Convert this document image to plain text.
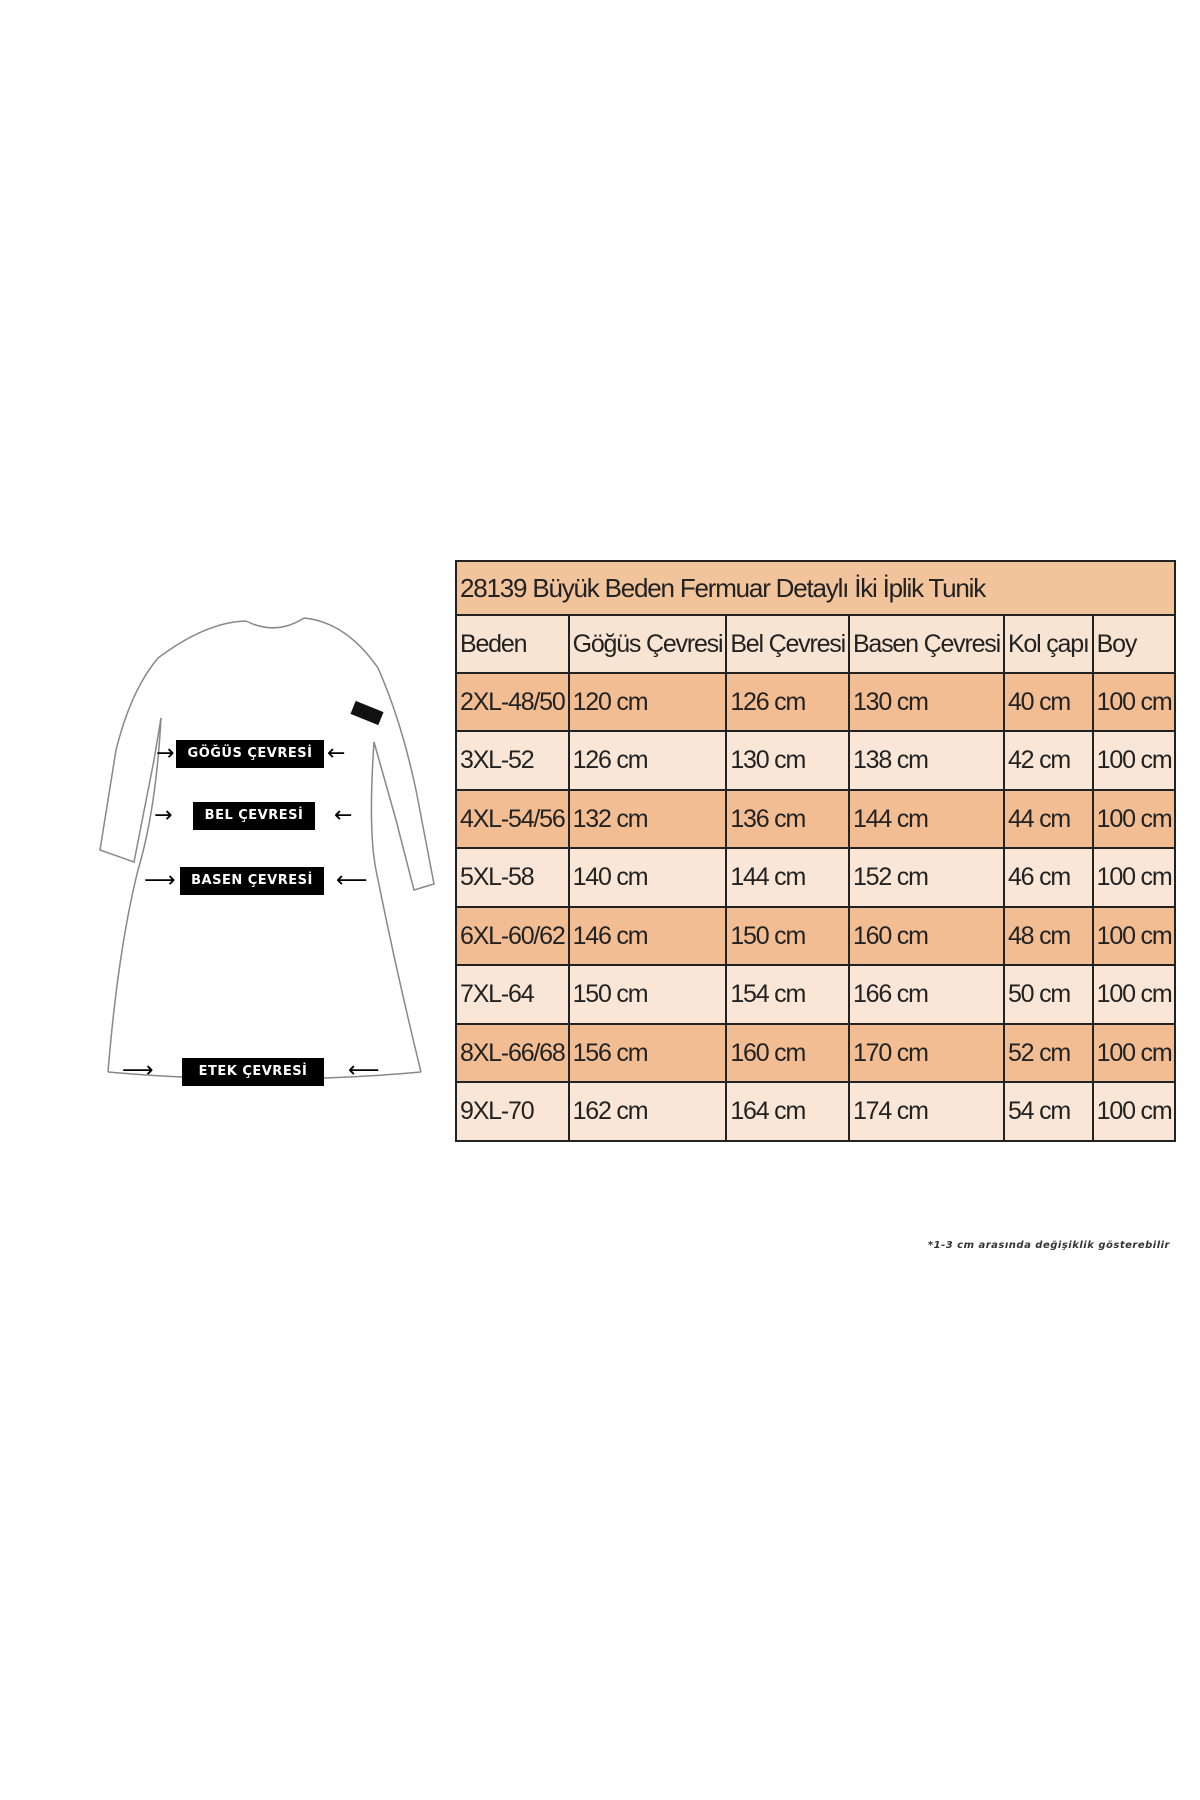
→	GÖĞÜS ÇEVRESİ ←
→	BEL ÇEVRESİ	←
⟶	BASEN ÇEVRESİ	⟵
⟶	ETEK ÇEVRESİ	⟵
28139 Büyük Beden Fermuar Detaylı İki İplik Tunik					
Beden	Göğüs Çevresi	Bel Çevresi	Basen Çevresi	Kol çapı	Boy
2XL-48/50	120 cm	126 cm	130 cm	40 cm	100 cm
3XL-52	126 cm	130 cm	138 cm	42 cm	100 cm
4XL-54/56	132 cm	136 cm	144 cm	44 cm	100 cm
5XL-58	140 cm	144 cm	152 cm	46 cm	100 cm
6XL-60/62	146 cm	150 cm	160 cm	48 cm	100 cm
7XL-64	150 cm	154 cm	166 cm	50 cm	100 cm
8XL-66/68	156 cm	160 cm	170 cm	52 cm	100 cm
9XL-70	162 cm	164 cm	174 cm	54 cm	100 cm
*1-3 cm arasında değişiklik gösterebilir
